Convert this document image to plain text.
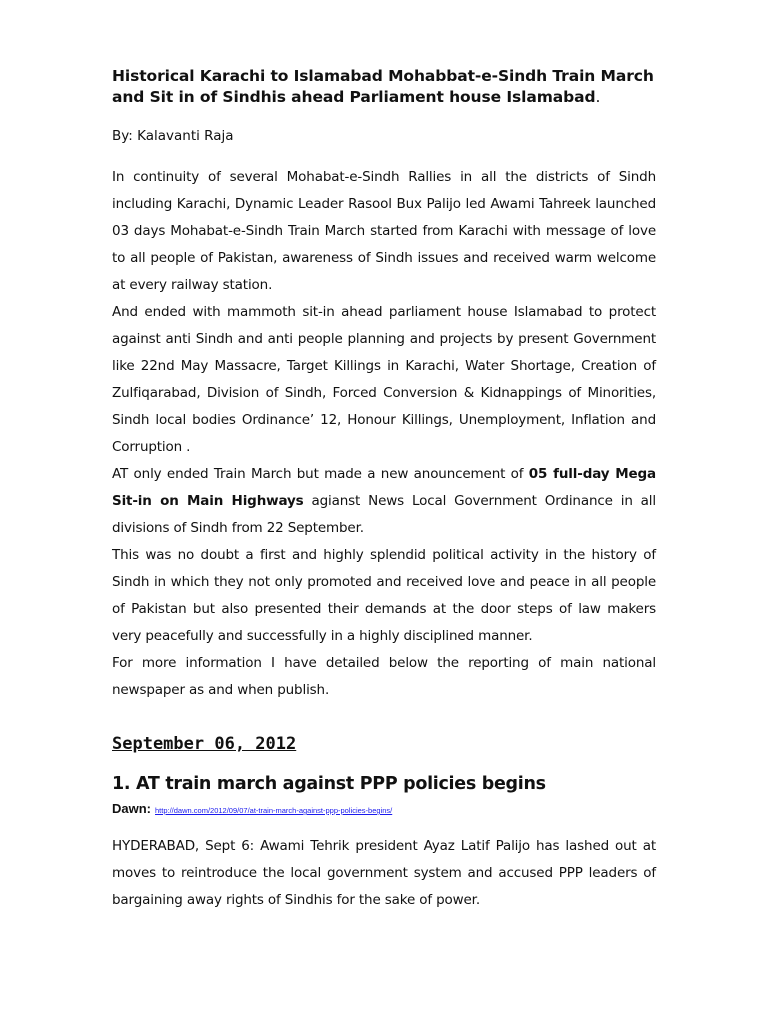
Historical Karachi to Islamabad Mohabbat-e-Sindh Train March and Sit in of Sindhis ahead Parliament house Islamabad.

By: Kalavanti Raja

In continuity of several Mohabat-e-Sindh Rallies in all the districts of Sindh including Karachi, Dynamic Leader Rasool Bux Palijo led Awami Tahreek launched 03 days Mohabat-e-Sindh Train March started from Karachi with message of love to all people of Pakistan, awareness of Sindh issues and received warm welcome at every railway station.

And ended with mammoth sit-in ahead parliament house Islamabad to protect against anti Sindh and anti people planning and projects by present Government like 22nd May Massacre, Target Killings in Karachi, Water Shortage, Creation of Zulfiqarabad, Division of Sindh, Forced Conversion & Kidnappings of Minorities, Sindh local bodies Ordinance’ 12, Honour Killings, Unemployment, Inflation and Corruption .

AT only ended Train March but made a new anouncement of 05 full-day Mega Sit-in on Main Highways agianst News Local Government Ordinance in all divisions of Sindh from 22 September.

This was no doubt a first and highly splendid political activity in the history of Sindh in which they not only promoted and received love and peace in all people of Pakistan but also presented their demands at the door steps of law makers very peacefully and successfully in a highly disciplined manner.

For more information I have detailed below the reporting of main national newspaper as and when publish.

September 06, 2012
1. AT train march against PPP policies begins
Dawn: http://dawn.com/2012/09/07/at-train-march-against-ppp-policies-begins/

HYDERABAD, Sept 6: Awami Tehrik president Ayaz Latif Palijo has lashed out at moves to reintroduce the local government system and accused PPP leaders of bargaining away rights of Sindhis for the sake of power.
